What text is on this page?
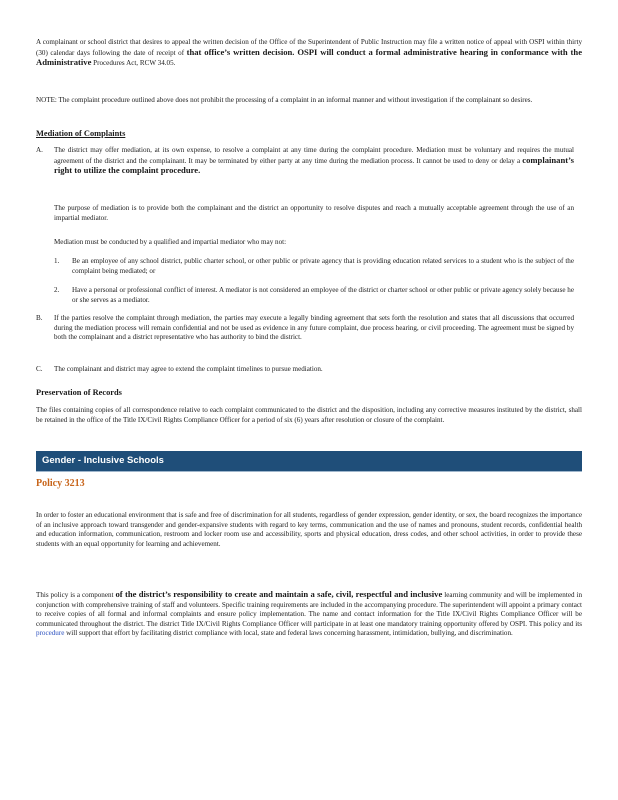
A complainant or school district that desires to appeal the written decision of the Office of the Superintendent of Public Instruction may file a written notice of appeal with OSPI within thirty (30) calendar days following the date of receipt of that office’s written decision. OSPI will conduct a formal administrative hearing in conformance with the Administrative Procedures Act, RCW 34.05.
NOTE: The complaint procedure outlined above does not prohibit the processing of a complaint in an informal manner and without investigation if the complainant so desires.
Mediation of Complaints
A. The district may offer mediation, at its own expense, to resolve a complaint at any time during the complaint procedure. Mediation must be voluntary and requires the mutual agreement of the district and the complainant. It may be terminated by either party at any time during the mediation process. It cannot be used to deny or delay a complainant’s right to utilize the complaint procedure.
The purpose of mediation is to provide both the complainant and the district an opportunity to resolve disputes and reach a mutually acceptable agreement through the use of an impartial mediator.
Mediation must be conducted by a qualified and impartial mediator who may not:
1. Be an employee of any school district, public charter school, or other public or private agency that is providing education related services to a student who is the subject of the complaint being mediated; or
2. Have a personal or professional conflict of interest. A mediator is not considered an employee of the district or charter school or other public or private agency solely because he or she serves as a mediator.
B. If the parties resolve the complaint through mediation, the parties may execute a legally binding agreement that sets forth the resolution and states that all discussions that occurred during the mediation process will remain confidential and not be used as evidence in any future complaint, due process hearing, or civil proceeding. The agreement must be signed by both the complainant and a district representative who has authority to bind the district.
C. The complainant and district may agree to extend the complaint timelines to pursue mediation.
Preservation of Records
The files containing copies of all correspondence relative to each complaint communicated to the district and the disposition, including any corrective measures instituted by the district, shall be retained in the office of the Title IX/Civil Rights Compliance Officer for a period of six (6) years after resolution or closure of the complaint.
Gender - Inclusive Schools
Policy 3213
In order to foster an educational environment that is safe and free of discrimination for all students, regardless of gender expression, gender identity, or sex, the board recognizes the importance of an inclusive approach toward transgender and gender-expansive students with regard to key terms, communication and the use of names and pronouns, student records, confidential health and education information, communication, restroom and locker room use and accessibility, sports and physical education, dress codes, and other school activities, in order to provide these students with an equal opportunity for learning and achievement.
This policy is a component of the district’s responsibility to create and maintain a safe, civil, respectful and inclusive learning community and will be implemented in conjunction with comprehensive training of staff and volunteers. Specific training requirements are included in the accompanying procedure. The superintendent will appoint a primary contact to receive copies of all formal and informal complaints and ensure policy implementation. The name and contact information for the Title IX/Civil Rights Compliance Officer will be communicated throughout the district. The district Title IX/Civil Rights Compliance Officer will participate in at least one mandatory training opportunity offered by OSPI. This policy and its procedure will support that effort by facilitating district compliance with local, state and federal laws concerning harassment, intimidation, bullying, and discrimination.
